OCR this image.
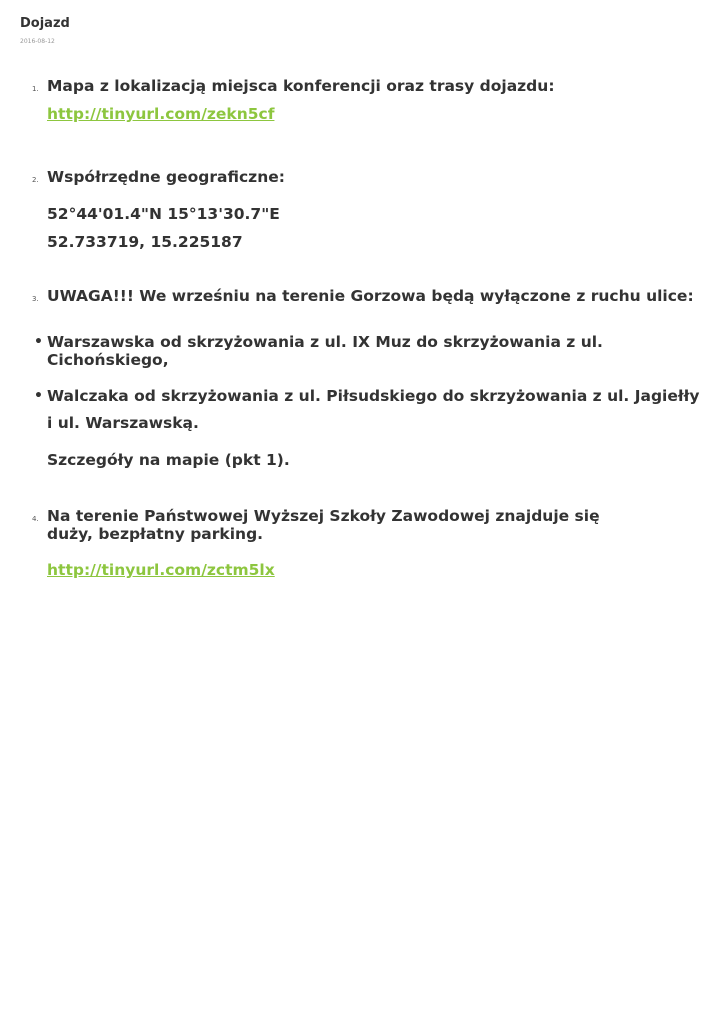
Dojazd
2016-08-12
1. Mapa z lokalizacją miejsca konferencji oraz trasy dojazdu:
http://tinyurl.com/zekn5cf
2. Współrzędne geograficzne:
52°44'01.4"N 15°13'30.7"E
52.733719, 15.225187
3. UWAGA!!! We wrześniu na terenie Gorzowa będą wyłączone z ruchu ulice:
• Warszawska od skrzyżowania z ul. IX Muz do skrzyżowania z ul. Cichońskiego,
• Walczaka od skrzyżowania z ul. Piłsudskiego do skrzyżowania z ul. Jagiełły
i ul. Warszawską.
Szczegóły na mapie (pkt 1).
4. Na terenie Państwowej Wyższej Szkoły Zawodowej znajduje się duży, bezpłatny parking.
http://tinyurl.com/zctm5lx
